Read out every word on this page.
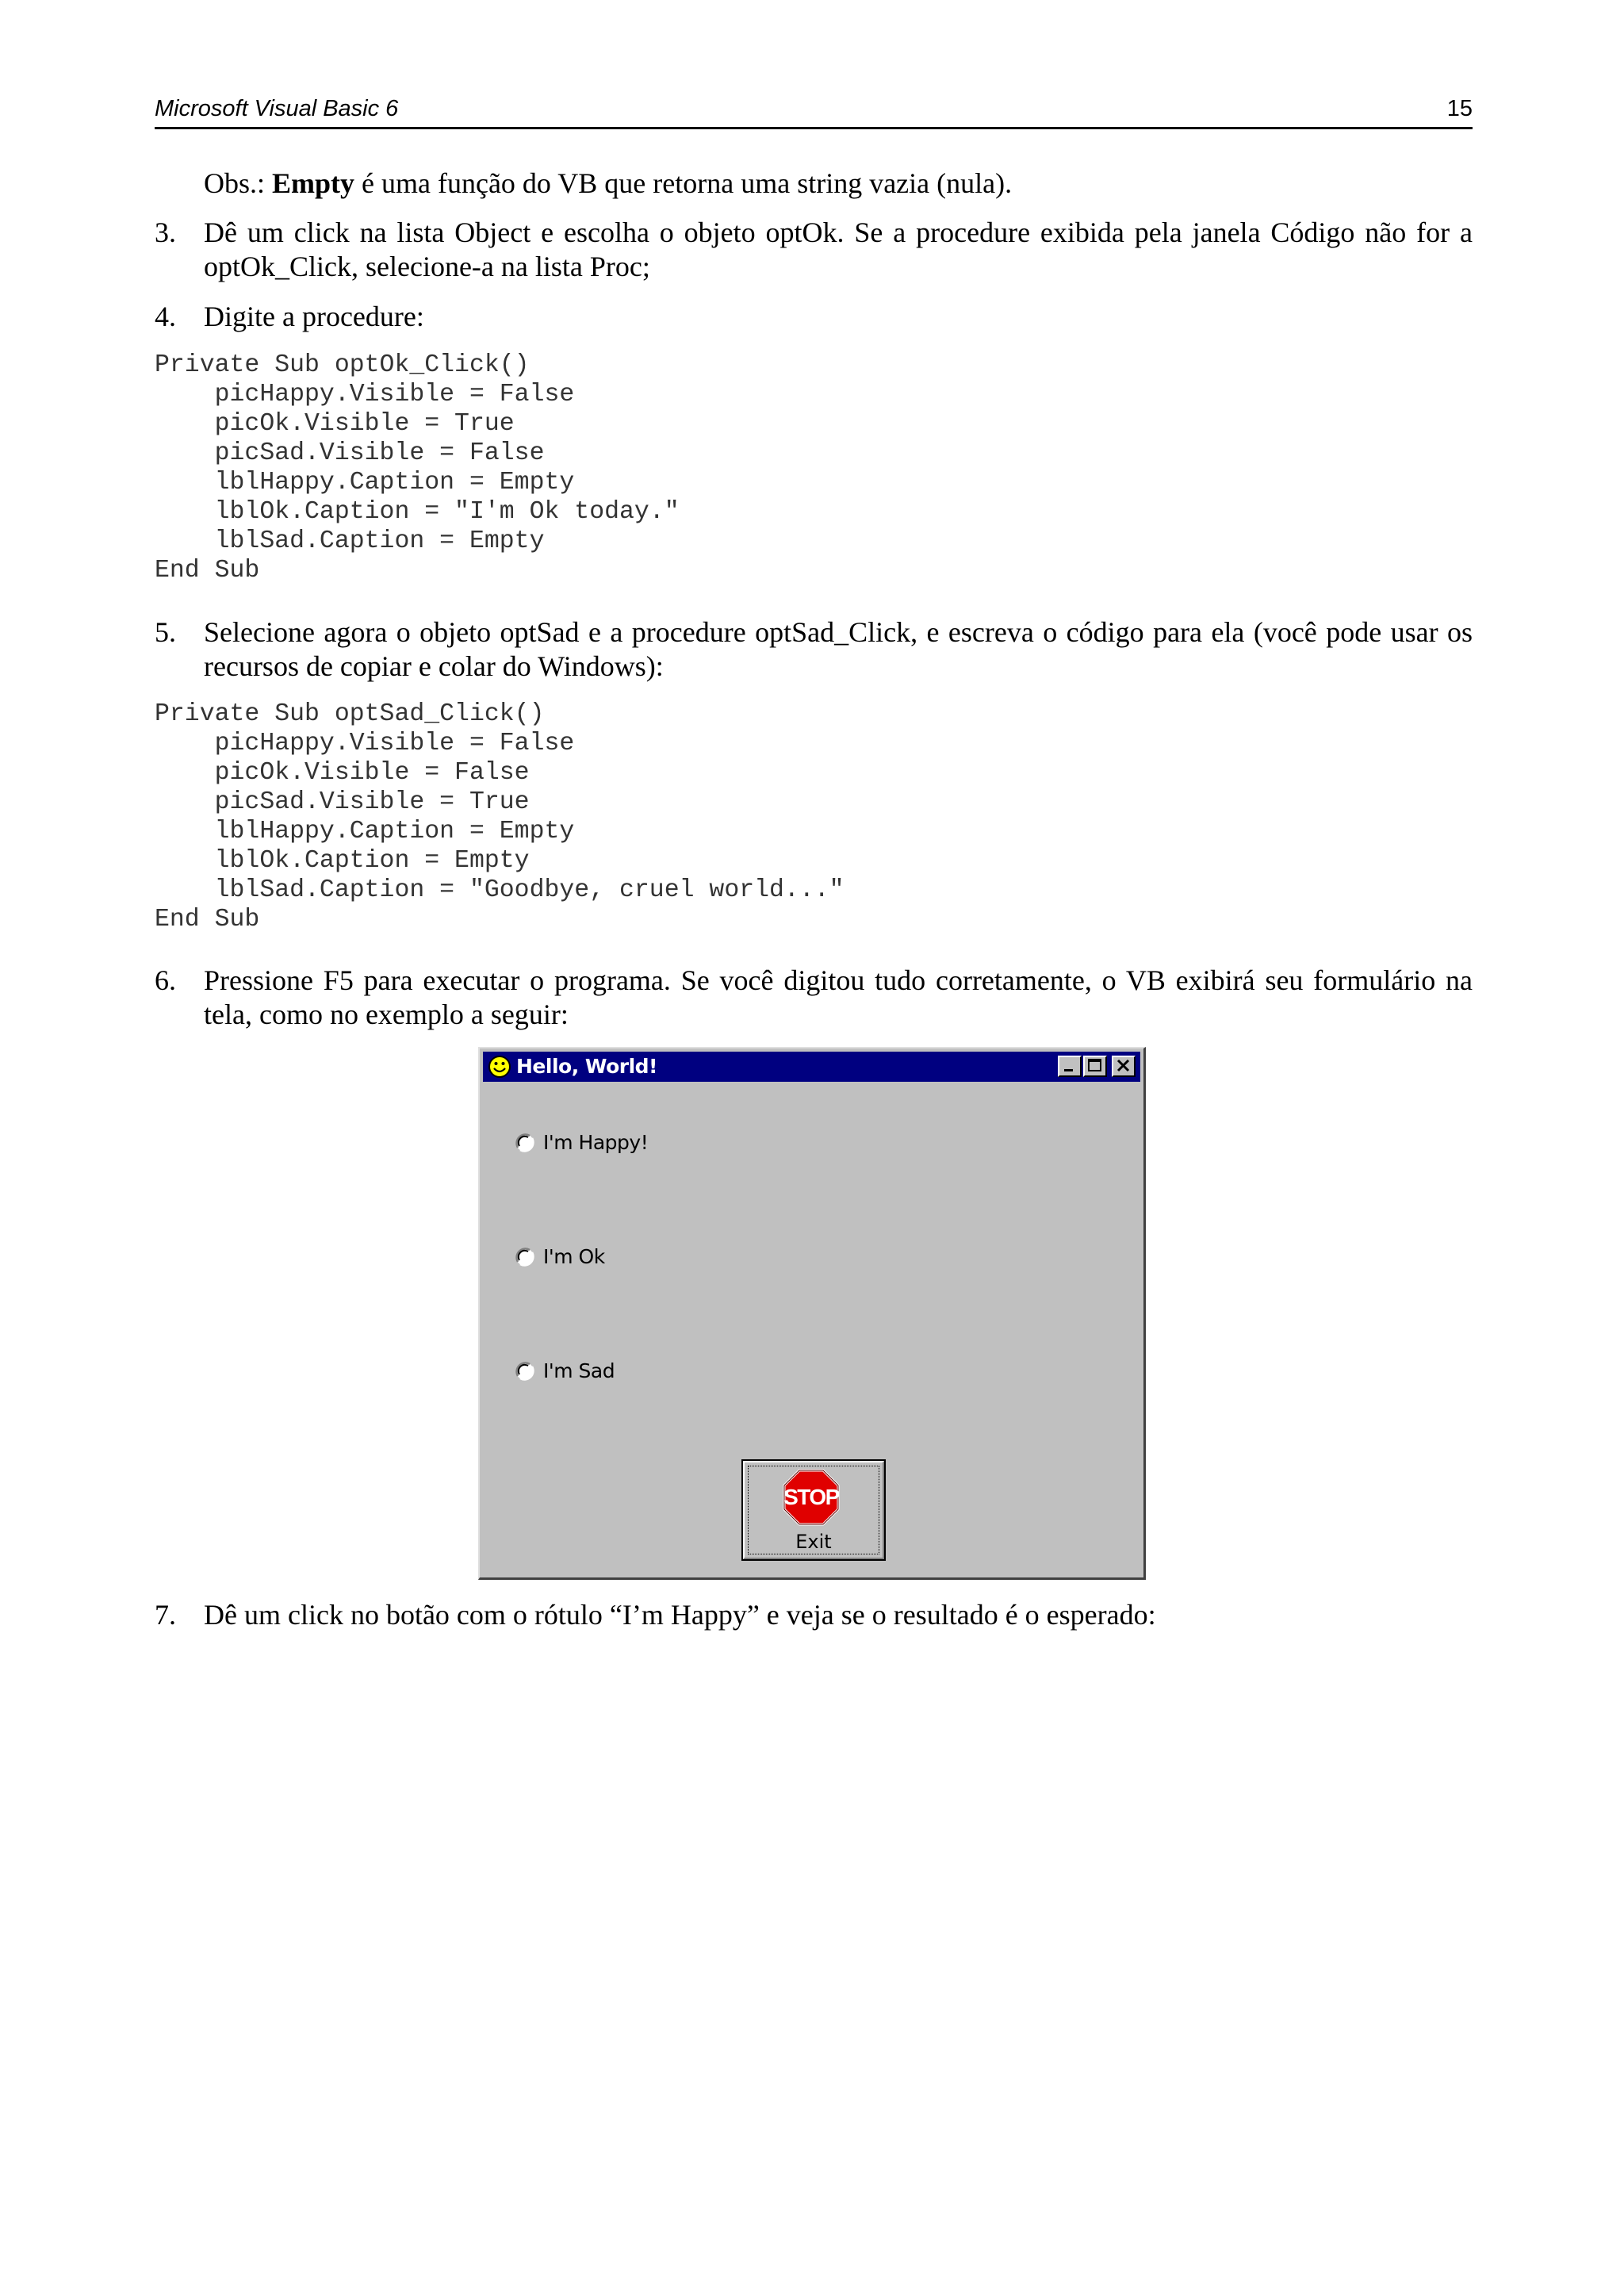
Microsoft Visual Basic 6	15
Obs.: Empty é uma função do VB que retorna uma string vazia (nula).
3. Dê um click na lista Object e escolha o objeto optOk. Se a procedure exibida pela janela Código não for a optOk_Click, selecione-a na lista Proc;
4. Digite a procedure:
Private Sub optOk_Click()
picHappy.Visible = False
picOk.Visible = True
picSad.Visible = False
lblHappy.Caption = Empty
lblOk.Caption = "I'm Ok today."
lblSad.Caption = Empty
End Sub
5. Selecione agora o objeto optSad e a procedure optSad_Click, e escreva o código para ela (você pode usar os recursos de copiar e colar do Windows):
Private Sub optSad_Click()
picHappy.Visible = False
picOk.Visible = False
picSad.Visible = True
lblHappy.Caption = Empty
lblOk.Caption = Empty
lblSad.Caption = "Goodbye, cruel world..."
End Sub
6. Pressione F5 para executar o programa. Se você digitou tudo corretamente, o VB exibirá seu formulário na tela, como no exemplo a seguir:
Hello, World!
I'm Happy!
I'm Ok
I'm Sad
STOP
Exit
7. Dê um click no botão com o rótulo “I’m Happy” e veja se o resultado é o esperado:
